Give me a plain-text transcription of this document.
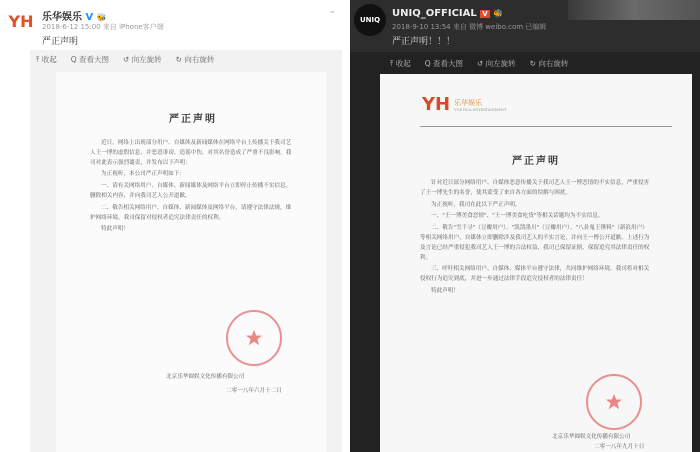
YH 乐华娱乐 V 🐝
⌄
2018-6-12 15:00 来自 iPhone客户端
严正声明
⤒ 收起 Q 查看大图 ↺ 向左旋转 ↻ 向右旋转
严正声明

近日，网络上出现部分用户、自媒体及新闻媒体在网络平台上传播关于我司艺人王一博的虚假信息，并恶意诽谤、造谣中伤，对其名誉造成了严重不良影响。我司对此表示强烈谴责，并发布以下声明：

为正视听，本公司严正声明如下：

一、请有关网络用户、自媒体、新闻媒体及网络平台立即停止传播不实信息，删除相关内容，并向我司艺人公开道歉。

二、敬告相关网络用户、自媒体、新闻媒体及网络平台，请遵守法律法规，维护网络环境。我司保留对侵权者追究法律责任的权利。

特此声明！

北京乐华圆娱文化传播有限公司
二零一八年六月十二日
UNIQ
UNIQ_OFFICIAL V 🐝
2018-9-10 13:54 来自 微博 weibo.com 已编辑
严正声明！！！
⤒ 收起 Q 查看大图 ↺ 向左旋转 ↻ 向右旋转
YH 乐华娱乐
YUE HUA ENTERTAINMENT
严正声明

针对近日部分网络用户、自媒体恶意传播关于我司艺人王一博恋情的不实信息，严重侵害了王一博先生的名誉，使其蒙受了来自各方面的误解与困扰。

为正视听，我司在此以下严正声明。

一、"王一博美食恋情"、"王一博美食吃货"等相关话题均为不实信息。

二、敬告"雪千寻"（豆瓣用户）、"凯凯墨川"（豆瓣用户）、"八卦鬼王锤料"（新浪用户）等相关网络用户、自媒体立即删除涉及我司艺人的不实言论，并向王一博公开道歉。上述行为及言论已经严重侵犯我司艺人王一博的合法权益，我司已保留证据，保留追究其法律责任的权利。

三、呼吁相关网络用户、自媒体、媒体平台遵守法律，共同维护网络环境。我司将对相关侵权行为追究到底，并进一步通过法律手段追究侵权者的法律责任！

特此声明！

北京乐华圆娱文化传播有限公司
二零一八年九月十日
